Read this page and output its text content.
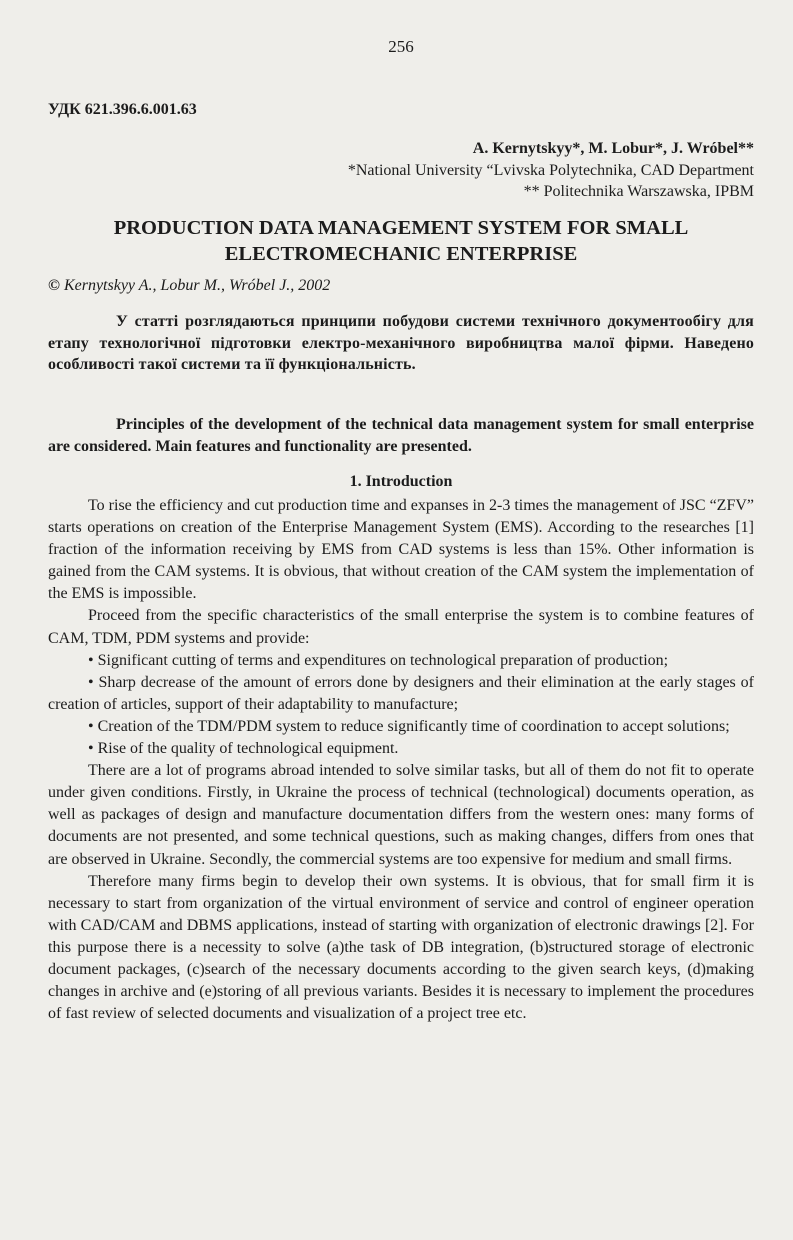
256
УДК 621.396.6.001.63
A. Kernytskyy*, M. Lobur*, J. Wróbel**
*National University “Lvivska Polytechnika, CAD Department
** Politechnika Warszawska, IPBM
PRODUCTION DATA MANAGEMENT SYSTEM FOR SMALL
ELECTROMECHANIC ENTERPRISE
© Kernytskyy A., Lobur M., Wróbel J., 2002

У статті розглядаються принципи побудови системи технічного документообігу для етапу технологічної підготовки електро-механічного виробництва малої фірми. Наведено особливості такої системи та її функціональність.

Principles of the development of the technical data management system for small enterprise are considered. Main features and functionality are presented.

1. Introduction

To rise the efficiency and cut production time and expanses in 2-3 times the management of JSC “ZFV” starts operations on creation of the Enterprise Management System (EMS). According to the researches [1] fraction of the information receiving by EMS from CAD systems is less than 15%. Other information is gained from the CAM systems. It is obvious, that without creation of the CAM system the implementation of the EMS is impossible.

Proceed from the specific characteristics of the small enterprise the system is to combine features of CAM, TDM, PDM systems and provide:

• Significant cutting of terms and expenditures on technological preparation of production;

• Sharp decrease of the amount of errors done by designers and their elimination at the early stages of creation of articles, support of their adaptability to manufacture;

• Creation of the TDM/PDM system to reduce significantly time of coordination to accept solutions;

• Rise of the quality of technological equipment.

There are a lot of programs abroad intended to solve similar tasks, but all of them do not fit to operate under given conditions. Firstly, in Ukraine the process of technical (technological) documents operation, as well as packages of design and manufacture documentation differs from the western ones: many forms of documents are not presented, and some technical questions, such as making changes, differs from ones that are observed in Ukraine. Secondly, the commercial systems are too expensive for medium and small firms.

Therefore many firms begin to develop their own systems. It is obvious, that for small firm it is necessary to start from organization of the virtual environment of service and control of engineer operation with CAD/CAM and DBMS applications, instead of starting with organization of electronic drawings [2]. For this purpose there is a necessity to solve (a)the task of DB integration, (b)structured storage of electronic document packages, (c)search of the necessary documents according to the given search keys, (d)making changes in archive and (e)storing of all previous variants. Besides it is necessary to implement the procedures of fast review of selected documents and visualization of a project tree etc.
